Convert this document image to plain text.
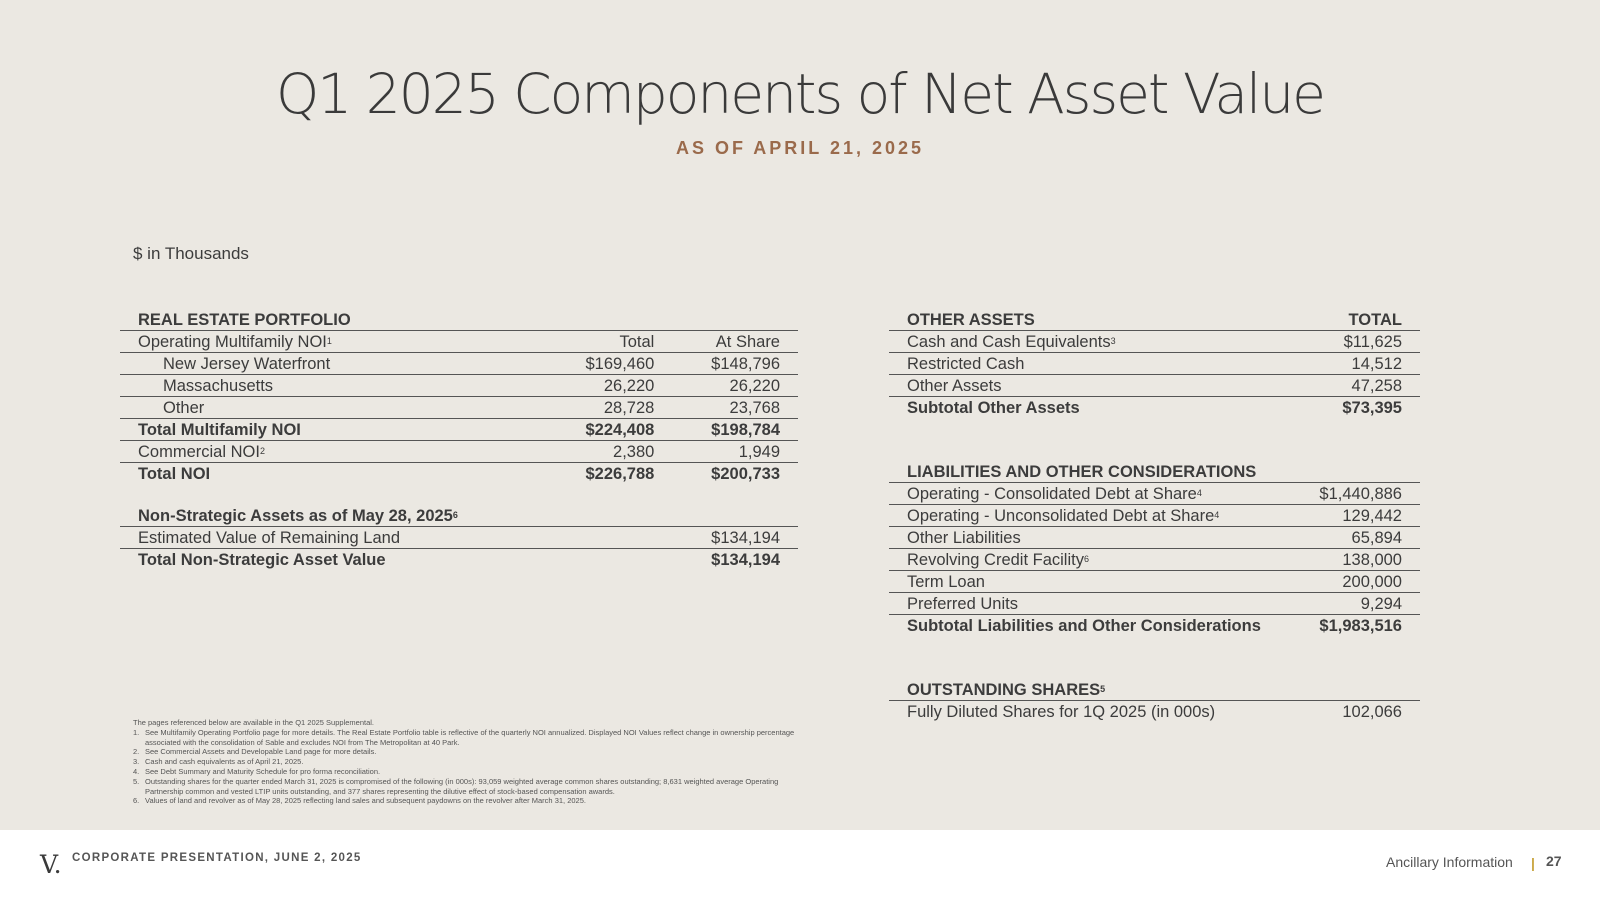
Q1 2025 Components of Net Asset Value
AS OF APRIL 21, 2025
$ in Thousands
REAL ESTATE PORTFOLIO		
Operating Multifamily NOI$^1$	Total	At Share
New Jersey Waterfront	$169,460	$148,796
Massachusetts	26,220	26,220
Other	28,728	23,768
Total Multifamily NOI	$224,408	$198,784
Commercial NOI$^2$	2,380	1,949
Total NOI	$226,788	$200,733

Non-Strategic Assets as of May 28, 2025$^6$		
Estimated Value of Remaining Land		$134,194
Total Non-Strategic Asset Value		$134,194
OTHER ASSETS	TOTAL
Cash and Cash Equivalents$^3$	$11,625
Restricted Cash	14,512
Other Assets	47,258
Subtotal Other Assets	$73,395

LIABILITIES AND OTHER CONSIDERATIONS	
Operating - Consolidated Debt at Share$^4$	$1,440,886
Operating - Unconsolidated Debt at Share$^4$	129,442
Other Liabilities	65,894
Revolving Credit Facility$^6$	138,000
Term Loan	200,000
Preferred Units	9,294
Subtotal Liabilities and Other Considerations	$1,983,516

OUTSTANDING SHARES$^5$	
Fully Diluted Shares for 1Q 2025 (in 000s)	102,066
The pages referenced below are available in the Q1 2025 Supplemental.
1. See Multifamily Operating Portfolio page for more details. The Real Estate Portfolio table is reflective of the quarterly NOI annualized. Displayed NOI Values reflect change in ownership percentage associated with the consolidation of Sable and excludes NOI from The Metropolitan at 40 Park.
2. See Commercial Assets and Developable Land page for more details.
3. Cash and cash equivalents as of April 21, 2025.
4. See Debt Summary and Maturity Schedule for pro forma reconciliation.
5. Outstanding shares for the quarter ended March 31, 2025 is compromised of the following (in 000s): 93,059 weighted average common shares outstanding; 8,631 weighted average Operating Partnership common and vested LTIP units outstanding, and 377 shares representing the dilutive effect of stock-based compensation awards.
6. Values of land and revolver as of May 28, 2025 reflecting land sales and subsequent paydowns on the revolver after March 31, 2025.
V. CORPORATE PRESENTATION, JUNE 2, 2025	Ancillary Information | 27
